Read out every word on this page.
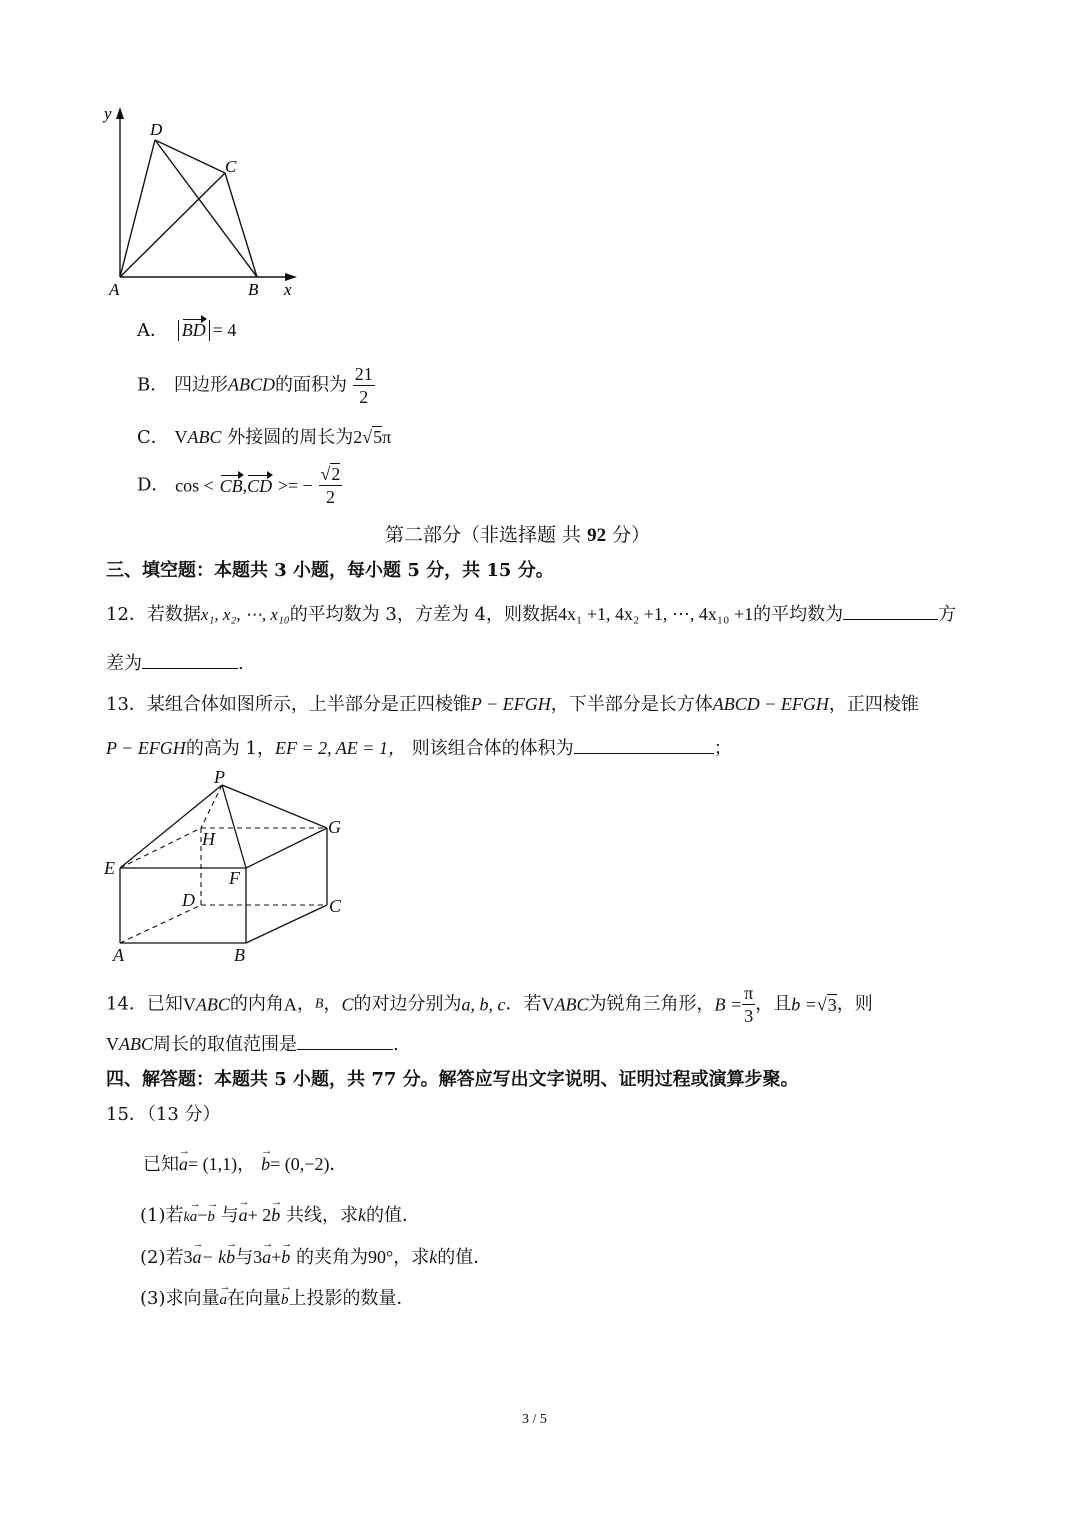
y
x
A	B
C
D
A． BD = 4
B． 四边形ABCD的面积为 $\frac{21}{2}$
C． VABC 外接圆的周长为2√5π
D． cos < CB,CD >= − $\frac{√2}{2}$
第二部分（非选择题 共 92 分）
三、填空题：本题共 3 小题，每小题 5 分，共 15 分。
12．若数据x₁, x₂, ⋯, x₁₀的平均数为 3，方差为 4，则数据4x₁ +1, 4x₂ +1, ⋯, 4x₁₀ +1的平均数为	方
差为	.
13．某组合体如图所示，上半部分是正四棱锥P − EFGH，下半部分是长方体ABCD − EFGH，正四棱锥
P − EFGH的高为 1，EF = 2, AE = 1， 则该组合体的体积为	；
P
H
G
E	F
D	C
A	B
14．已知VABC的内角A，B，C的对边分别为a, b, c．若VABC为锐角三角形，$B = \frac{\pi}{3}$ ，且b =√3，则
VABC周长的取值范围是	.
四、解答题：本题共 5 小题，共 77 分。解答应写出文字说明、证明过程或演算步聚。
15．（13 分）
已知a →= (1,1)， b →= (0,−2)．
(1)若ka →−b → 与a →+ 2b → 共线，求k的值．
(2)若3a →− kb →与3a →+b → 的夹角为90°，求k的值．
(3)求向量a →在向量b →上投影的数量．
3 / 5
